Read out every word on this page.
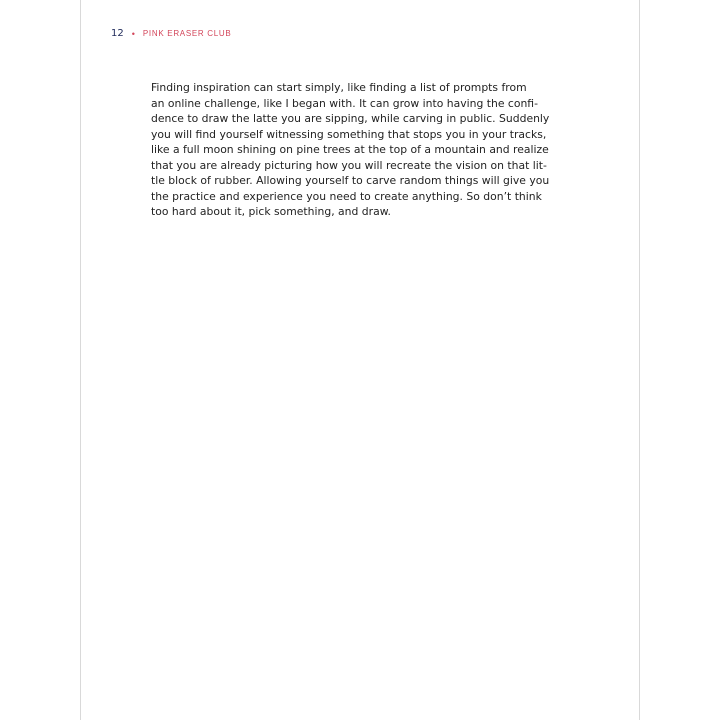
12 • PINK ERASER CLUB

Finding inspiration can start simply, like finding a list of prompts from
an online challenge, like I began with. It can grow into having the confi-
dence to draw the latte you are sipping, while carving in public. Suddenly
you will find yourself witnessing something that stops you in your tracks,
like a full moon shining on pine trees at the top of a mountain and realize
that you are already picturing how you will recreate the vision on that lit-
tle block of rubber. Allowing yourself to carve random things will give you
the practice and experience you need to create anything. So don’t think
too hard about it, pick something, and draw.
